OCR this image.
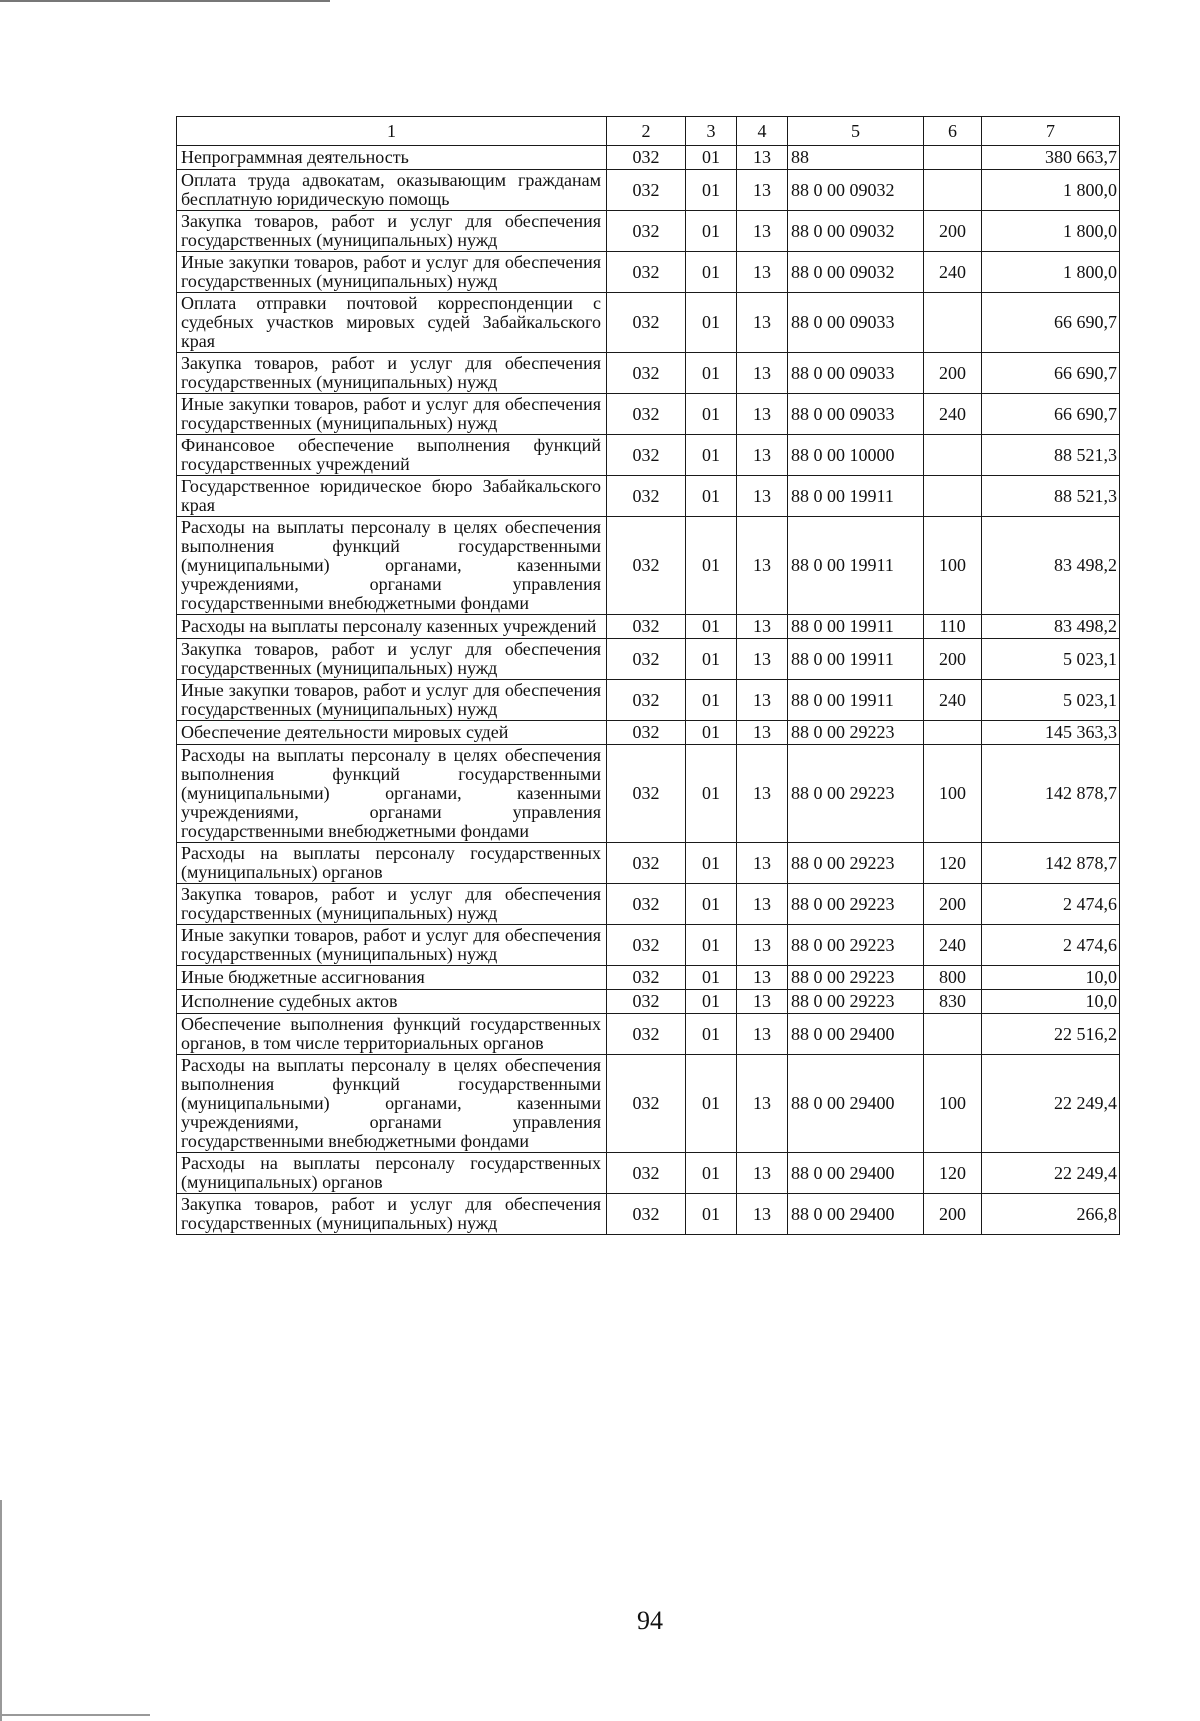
1	2	3	4	5	6	7
Непрограммная деятельность	032	01	13	88		380 663,7
Оплата труда адвокатам, оказывающим гражданам бесплатную юридическую помощь	032	01	13	88 0 00 09032		1 800,0
Закупка товаров, работ и услуг для обеспечения государственных (муниципальных) нужд	032	01	13	88 0 00 09032	200	1 800,0
Иные закупки товаров, работ и услуг для обеспечения государственных (муниципальных) нужд	032	01	13	88 0 00 09032	240	1 800,0
Оплата отправки почтовой корреспонденции с судебных участков мировых судей Забайкальского края	032	01	13	88 0 00 09033		66 690,7
Закупка товаров, работ и услуг для обеспечения государственных (муниципальных) нужд	032	01	13	88 0 00 09033	200	66 690,7
Иные закупки товаров, работ и услуг для обеспечения государственных (муниципальных) нужд	032	01	13	88 0 00 09033	240	66 690,7
Финансовое обеспечение выполнения функций государственных учреждений	032	01	13	88 0 00 10000		88 521,3
Государственное юридическое бюро Забайкальского края	032	01	13	88 0 00 19911		88 521,3
Расходы на выплаты персоналу в целях обеспечения выполнения функций государственными (муниципальными) органами, казенными учреждениями, органами управления государственными внебюджетными фондами	032	01	13	88 0 00 19911	100	83 498,2
Расходы на выплаты персоналу казенных учреждений	032	01	13	88 0 00 19911	110	83 498,2
Закупка товаров, работ и услуг для обеспечения государственных (муниципальных) нужд	032	01	13	88 0 00 19911	200	5 023,1
Иные закупки товаров, работ и услуг для обеспечения государственных (муниципальных) нужд	032	01	13	88 0 00 19911	240	5 023,1
Обеспечение деятельности мировых судей	032	01	13	88 0 00 29223		145 363,3
Расходы на выплаты персоналу в целях обеспечения выполнения функций государственными (муниципальными) органами, казенными учреждениями, органами управления государственными внебюджетными фондами	032	01	13	88 0 00 29223	100	142 878,7
Расходы на выплаты персоналу государственных (муниципальных) органов	032	01	13	88 0 00 29223	120	142 878,7
Закупка товаров, работ и услуг для обеспечения государственных (муниципальных) нужд	032	01	13	88 0 00 29223	200	2 474,6
Иные закупки товаров, работ и услуг для обеспечения государственных (муниципальных) нужд	032	01	13	88 0 00 29223	240	2 474,6
Иные бюджетные ассигнования	032	01	13	88 0 00 29223	800	10,0
Исполнение судебных актов	032	01	13	88 0 00 29223	830	10,0
Обеспечение выполнения функций государственных органов, в том числе территориальных органов	032	01	13	88 0 00 29400		22 516,2
Расходы на выплаты персоналу в целях обеспечения выполнения функций государственными (муниципальными) органами, казенными учреждениями, органами управления государственными внебюджетными фондами	032	01	13	88 0 00 29400	100	22 249,4
Расходы на выплаты персоналу государственных (муниципальных) органов	032	01	13	88 0 00 29400	120	22 249,4
Закупка товаров, работ и услуг для обеспечения государственных (муниципальных) нужд	032	01	13	88 0 00 29400	200	266,8
94
